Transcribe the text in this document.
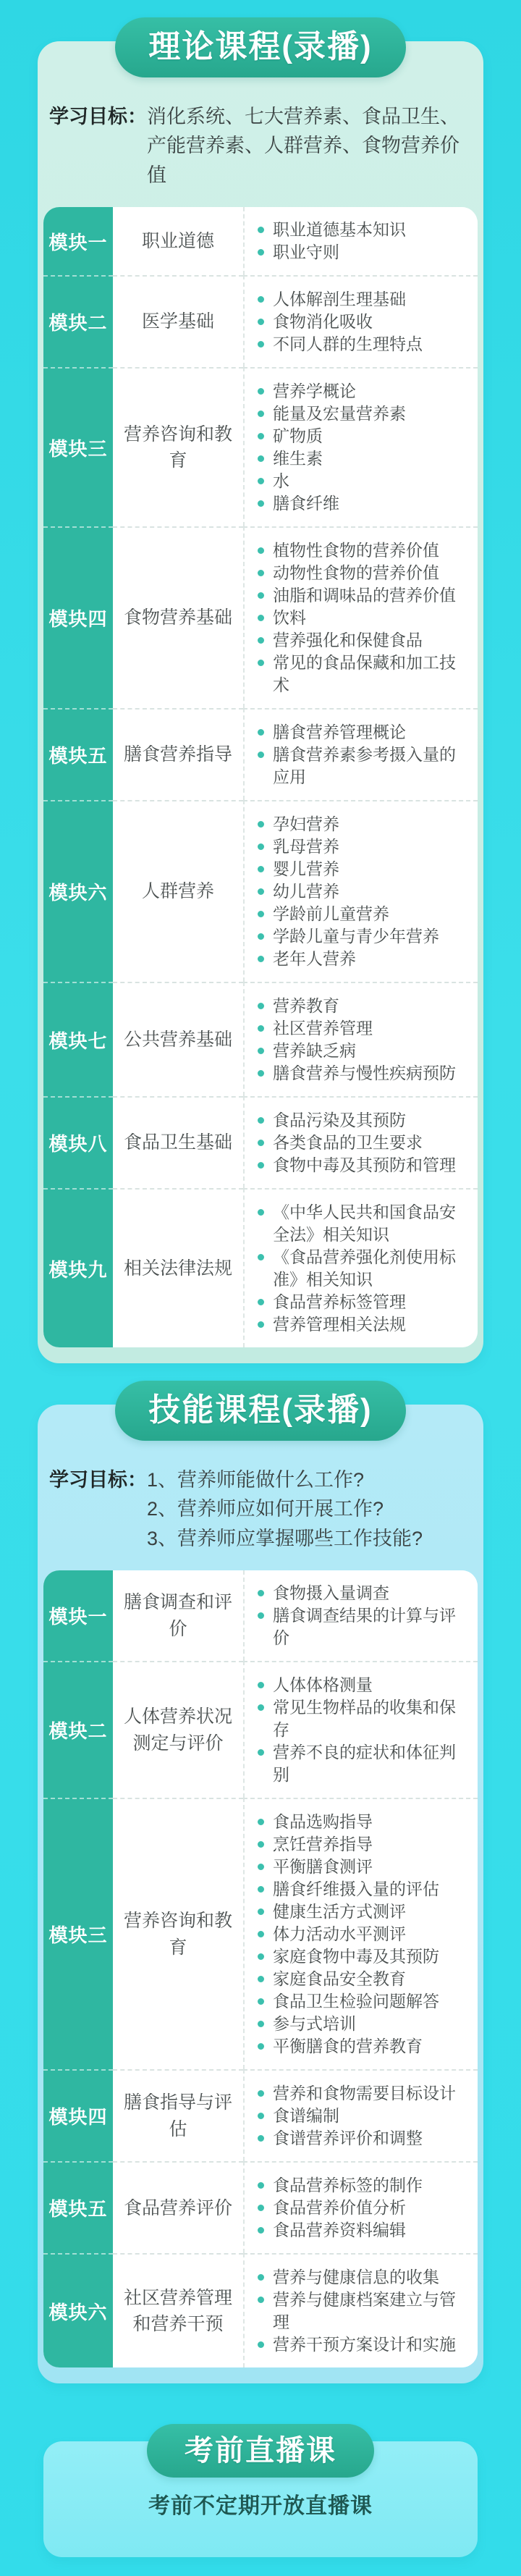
理论课程(录播)
学习目标： 消化系统、七大营养素、食品卫生、产能营养素、人群营养、食物营养价值
模块一 职业道德
职业道德基本知识
职业守则
模块二 医学基础
人体解剖生理基础
食物消化吸收
不同人群的生理特点
模块三
营养咨询和教育
营养学概论
能量及宏量营养素
矿物质
维生素
水
膳食纤维
模块四 食物营养基础
植物性食物的营养价值
动物性食物的营养价值
油脂和调味品的营养价值
饮料
营养强化和保健食品
常见的食品保藏和加工技术
模块五 膳食营养指导
膳食营养管理概论
膳食营养素参考摄入量的应用
模块六 人群营养
孕妇营养
乳母营养
婴儿营养
幼儿营养
学龄前儿童营养
学龄儿童与青少年营养
老年人营养
模块七 公共营养基础
营养教育
社区营养管理
营养缺乏病
膳食营养与慢性疾病预防
模块八 食品卫生基础
食品污染及其预防
各类食品的卫生要求
食物中毒及其预防和管理
模块九 相关法律法规
《中华人民共和国食品安全法》相关知识
《食品营养强化剂使用标准》相关知识
食品营养标签管理
营养管理相关法规
技能课程(录播)
学习目标： 1、营养师能做什么工作?
2、营养师应如何开展工作?
3、营养师应掌握哪些工作技能?
模块一
膳食调查和评价
食物摄入量调查
膳食调查结果的计算与评价
模块二
人体营养状况测定与评价
人体体格测量
常见生物样品的收集和保存
营养不良的症状和体征判别
模块三
营养咨询和教育
食品选购指导
烹饪营养指导
平衡膳食测评
膳食纤维摄入量的评估
健康生活方式测评
体力活动水平测评
家庭食物中毒及其预防
家庭食品安全教育
食品卫生检验问题解答
参与式培训
平衡膳食的营养教育
模块四
膳食指导与评估
营养和食物需要目标设计
食谱编制
食谱营养评价和调整
模块五 食品营养评价
食品营养标签的制作
食品营养价值分析
食品营养资料编辑
模块六
社区营养管理和营养干预
营养与健康信息的收集
营养与健康档案建立与管理
营养干预方案设计和实施
考前直播课

考前不定期开放直播课
